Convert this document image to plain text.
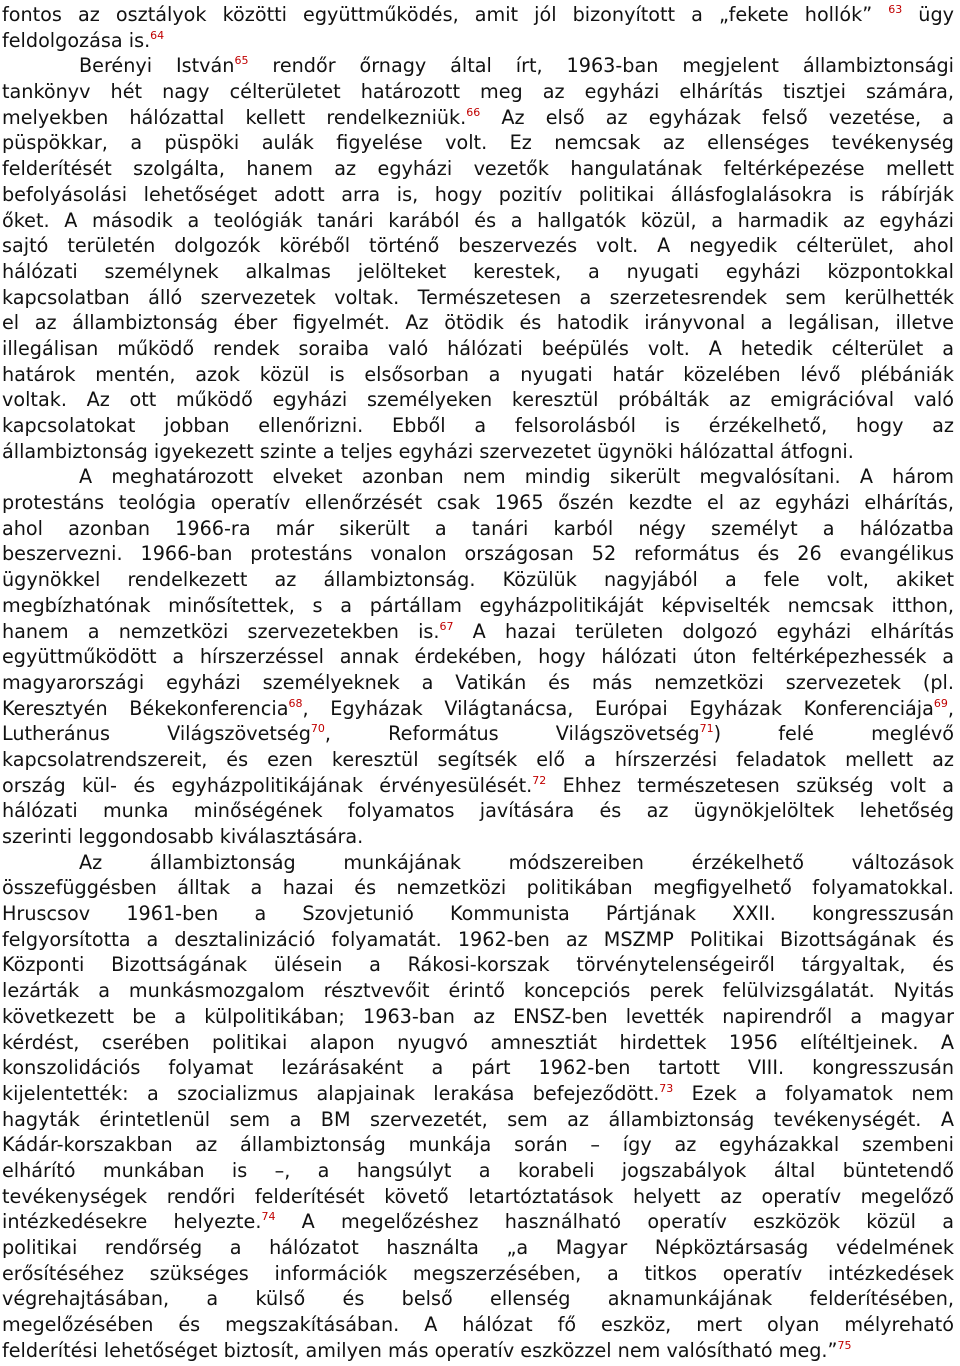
fontos az osztályok közötti együttműködés, amit jól bizonyított a „fekete hollók” $^{63}$ ügy
feldolgozása is.$^{64}$
Berényi István$^{65}$ rendőr őrnagy által írt, 1963-ban megjelent állambiztonsági
tankönyv hét nagy célterületet határozott meg az egyházi elhárítás tisztjei számára,
melyekben hálózattal kellett rendelkezniük.$^{66}$ Az első az egyházak felső vezetése, a
püspökkar, a püspöki aulák figyelése volt. Ez nemcsak az ellenséges tevékenység
felderítését szolgálta, hanem az egyházi vezetők hangulatának feltérképezése mellett
befolyásolási lehetőséget adott arra is, hogy pozitív politikai állásfoglalásokra is rábírják
őket. A második a teológiák tanári karából és a hallgatók közül, a harmadik az egyházi
sajtó területén dolgozók köréből történő beszervezés volt. A negyedik célterület, ahol
hálózati személynek alkalmas jelölteket kerestek, a nyugati egyházi központokkal
kapcsolatban álló szervezetek voltak. Természetesen a szerzetesrendek sem kerülhették
el az állambiztonság éber figyelmét. Az ötödik és hatodik irányvonal a legálisan, illetve
illegálisan működő rendek soraiba való hálózati beépülés volt. A hetedik célterület a
határok mentén, azok közül is elsősorban a nyugati határ közelében lévő plébániák
voltak. Az ott működő egyházi személyeken keresztül próbálták az emigrációval való
kapcsolatokat jobban ellenőrizni. Ebből a felsorolásból is érzékelhető, hogy az
állambiztonság igyekezett szinte a teljes egyházi szervezetet ügynöki hálózattal átfogni.
A meghatározott elveket azonban nem mindig sikerült megvalósítani. A három
protestáns teológia operatív ellenőrzését csak 1965 őszén kezdte el az egyházi elhárítás,
ahol azonban 1966-ra már sikerült a tanári karból négy személyt a hálózatba
beszervezni. 1966-ban protestáns vonalon országosan 52 református és 26 evangélikus
ügynökkel rendelkezett az állambiztonság. Közülük nagyjából a fele volt, akiket
megbízhatónak minősítettek, s a pártállam egyházpolitikáját képviselték nemcsak itthon,
hanem a nemzetközi szervezetekben is.$^{67}$ A hazai területen dolgozó egyházi elhárítás
együttműködött a hírszerzéssel annak érdekében, hogy hálózati úton feltérképezhessék a
magyarországi egyházi személyeknek a Vatikán és más nemzetközi szervezetek (pl.
Keresztyén Békekonferencia$^{68}$, Egyházak Világtanácsa, Európai Egyházak Konferenciája$^{69}$,
Lutheránus Világszövetség$^{70}$, Református Világszövetség$^{71}$) felé meglévő
kapcsolatrendszereit, és ezen keresztül segítsék elő a hírszerzési feladatok mellett az
ország kül- és egyházpolitikájának érvényesülését.$^{72}$ Ehhez természetesen szükség volt a
hálózati munka minőségének folyamatos javítására és az ügynökjelöltek lehetőség
szerinti leggondosabb kiválasztására.
Az állambiztonság munkájának módszereiben érzékelhető változások
összefüggésben álltak a hazai és nemzetközi politikában megfigyelhető folyamatokkal.
Hruscsov 1961-ben a Szovjetunió Kommunista Pártjának XXII. kongresszusán
felgyorsította a desztalinizáció folyamatát. 1962-ben az MSZMP Politikai Bizottságának és
Központi Bizottságának ülésein a Rákosi-korszak törvénytelenségeiről tárgyaltak, és
lezárták a munkásmozgalom résztvevőit érintő koncepciós perek felülvizsgálatát. Nyitás
következett be a külpolitikában; 1963-ban az ENSZ-ben levették napirendről a magyar
kérdést, cserében politikai alapon nyugvó amnesztiát hirdettek 1956 elítéltjeinek. A
konszolidációs folyamat lezárásaként a párt 1962-ben tartott VIII. kongresszusán
kijelentették: a szocializmus alapjainak lerakása befejeződött.$^{73}$ Ezek a folyamatok nem
hagyták érintetlenül sem a BM szervezetét, sem az állambiztonság tevékenységét. A
Kádár-korszakban az állambiztonság munkája során – így az egyházakkal szembeni
elhárító munkában is –, a hangsúlyt a korabeli jogszabályok által büntetendő
tevékenységek rendőri felderítését követő letartóztatások helyett az operatív megelőző
intézkedésekre helyezte.$^{74}$ A megelőzéshez használható operatív eszközök közül a
politikai rendőrség a hálózatot használta „a Magyar Népköztársaság védelmének
erősítéséhez szükséges információk megszerzésében, a titkos operatív intézkedések
végrehajtásában, a külső és belső ellenség aknamunkájának felderítésében,
megelőzésében és megszakításában. A hálózat fő eszköz, mert olyan mélyreható
felderítési lehetőséget biztosít, amilyen más operatív eszközzel nem valósítható meg.”$^{75}$
